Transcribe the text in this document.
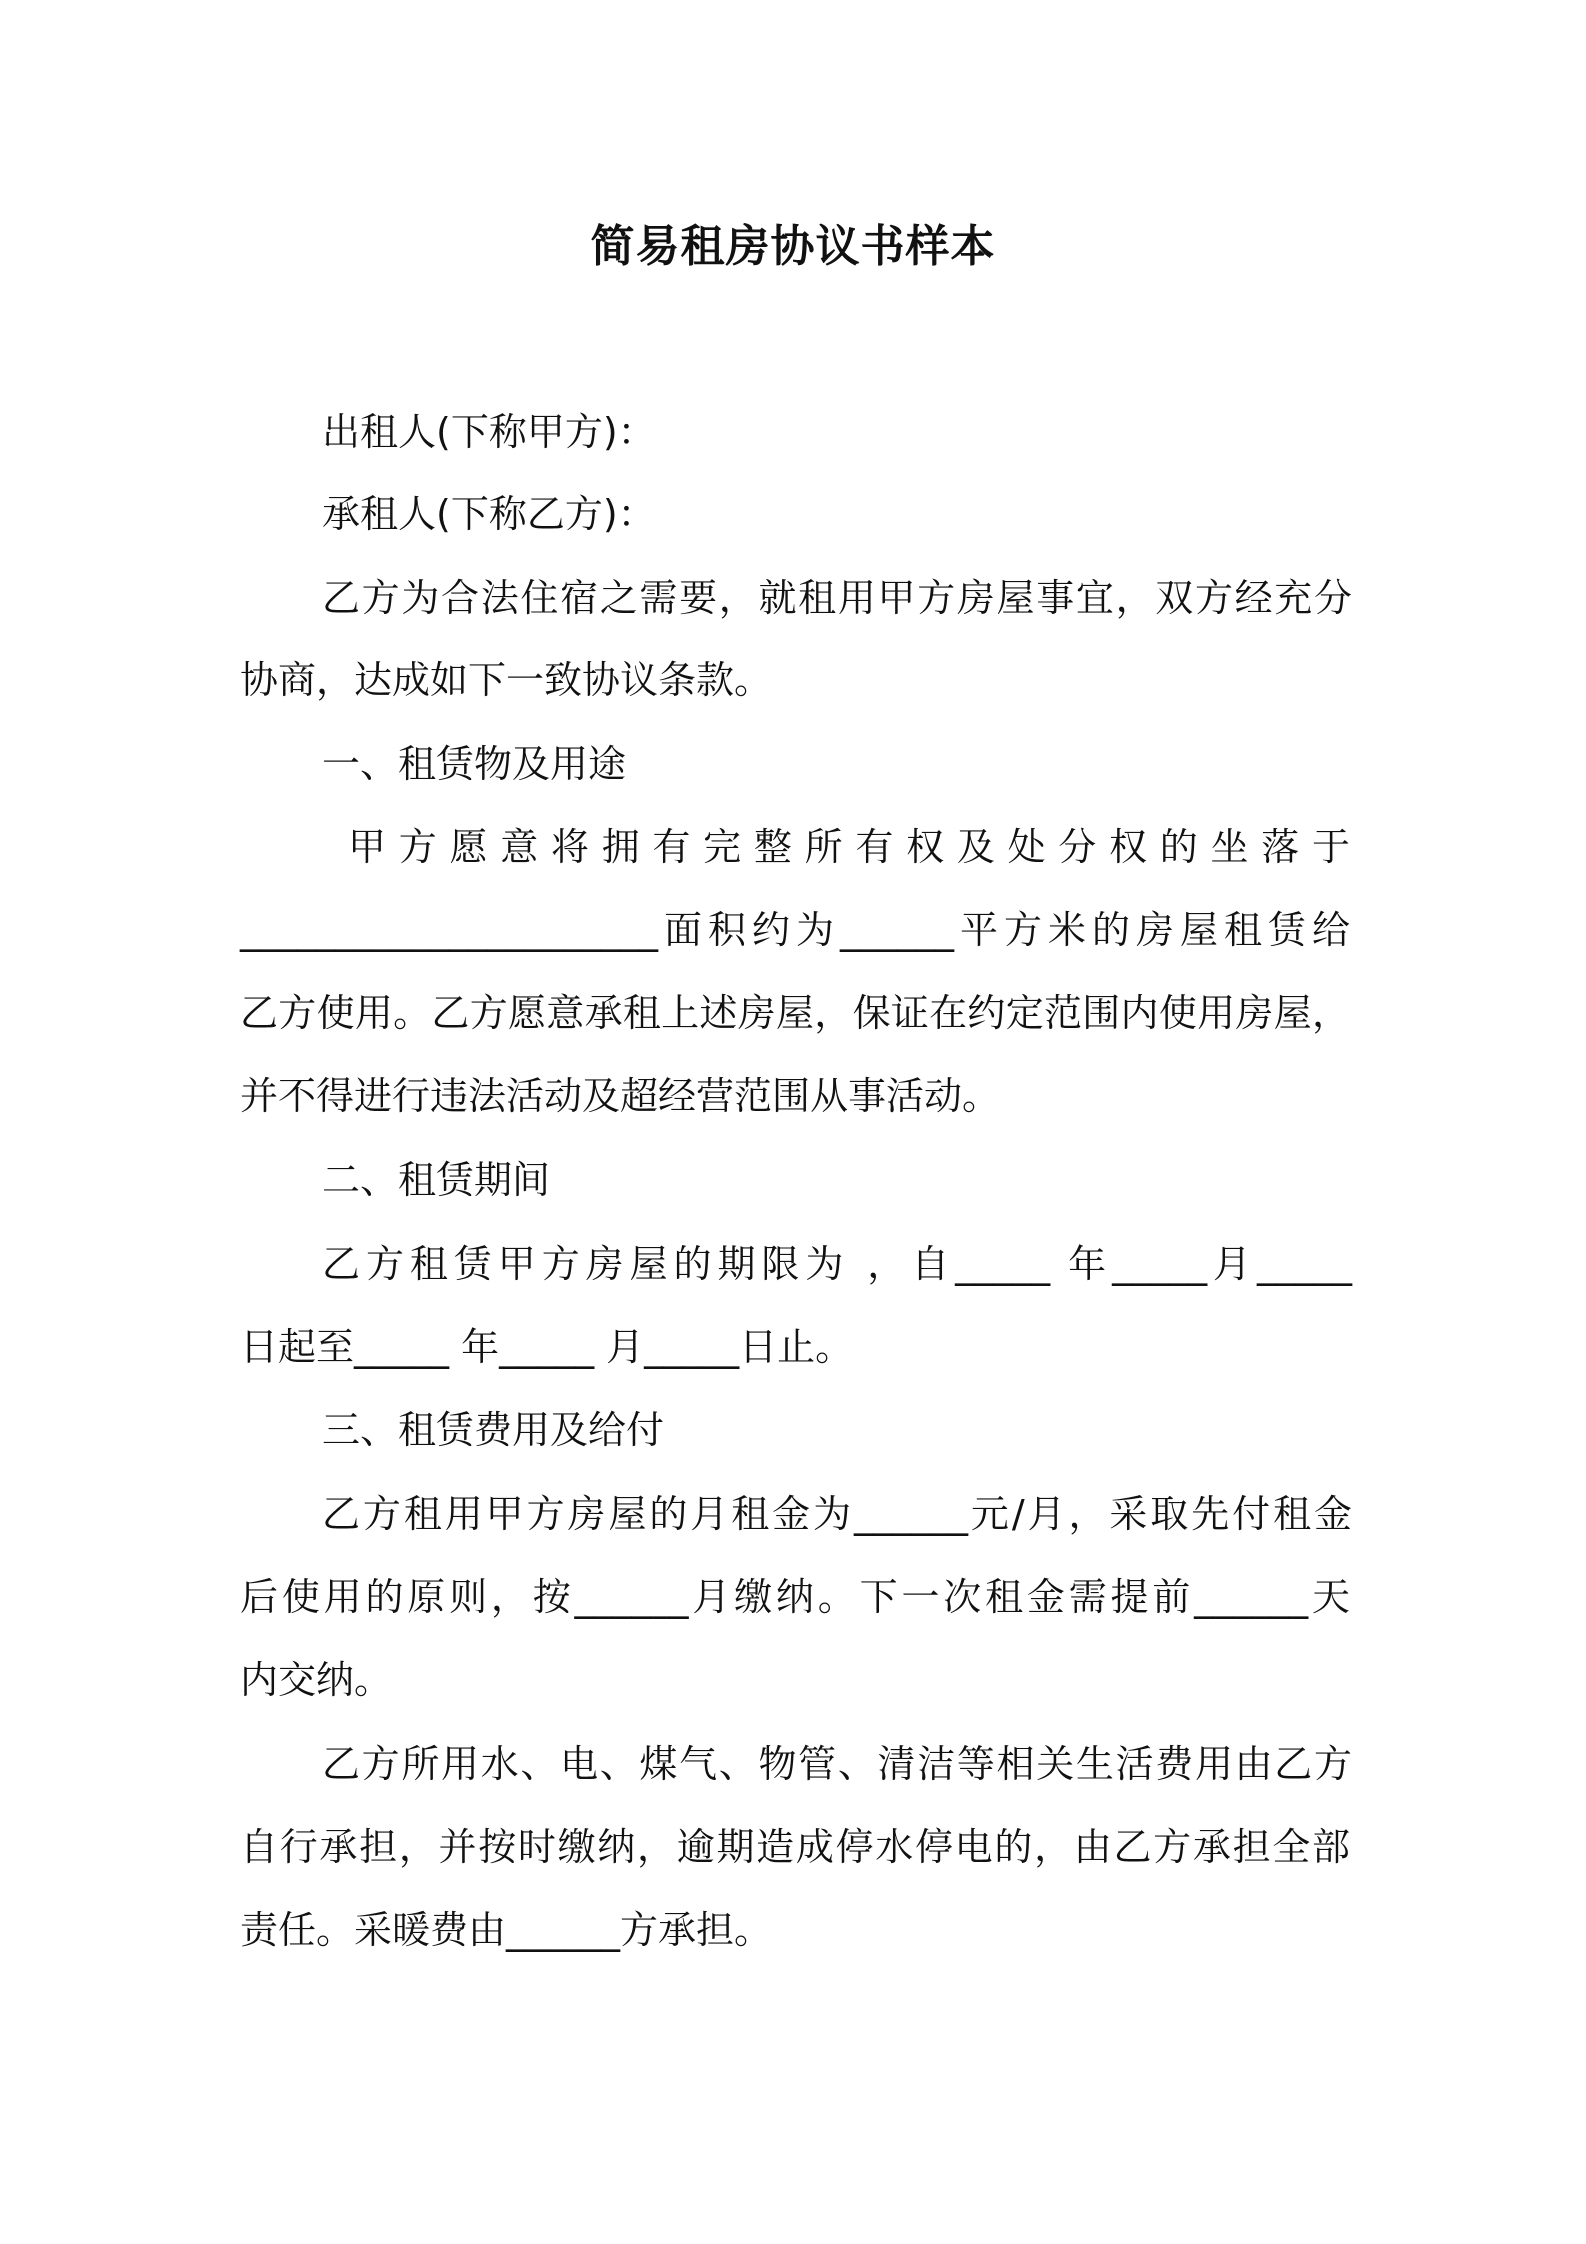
简易租房协议书样本
出租人(下称甲方)：
承租人(下称乙方)：
乙方为合法住宿之需要，就租用甲方房屋事宜，双方经充分
协商，达成如下一致协议条款。
一、租赁物及用途
甲方愿意将拥有完整所有权及处分权的坐落于
______________________面积约为______平方米的房屋租赁给
乙方使用。乙方愿意承租上述房屋，保证在约定范围内使用房屋，
并不得进行违法活动及超经营范围从事活动。
二、租赁期间
乙方租赁甲方房屋的期限为 ，自_____ 年_____月_____
日起至_____ 年_____ 月_____日止。
三、租赁费用及给付
乙方租用甲方房屋的月租金为______元/月，采取先付租金
后使用的原则，按______月缴纳。下一次租金需提前______天
内交纳。
乙方所用水、电、煤气、物管、清洁等相关生活费用由乙方
自行承担，并按时缴纳，逾期造成停水停电的，由乙方承担全部
责任。采暖费由______方承担。
